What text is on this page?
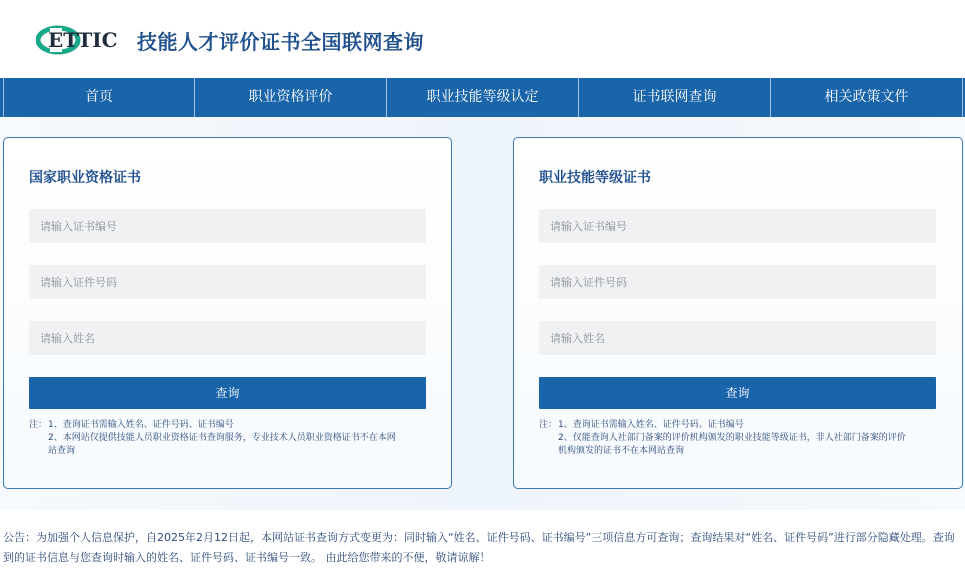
ETTIC 技能人才评价证书全国联网查询
首页	职业资格评价	职业技能等级认定	证书联网查询	相关政策文件
国家职业资格证书
请输入证书编号
请输入证件号码
请输入姓名
查询
注： 1、查询证书需输入姓名、证件号码、证书编号
2、本网站仅提供技能人员职业资格证书查询服务，专业技术人员职业资格证书不在本网
站查询
职业技能等级证书
请输入证书编号
请输入证件号码
请输入姓名
查询
注： 1、查询证书需输入姓名、证件号码、证书编号
2、仅能查询人社部门备案的评价机构颁发的职业技能等级证书，非人社部门备案的评价
机构颁发的证书不在本网站查询
公告：为加强个人信息保护，自2025年2月12日起，本网站证书查询方式变更为：同时输入“姓名、证件号码、证书编号”三项信息方可查询；查询结果对“姓名、证件号码”进行部分隐藏处理。查询到的证书信息与您查询时输入的姓名、证件号码、证书编号一致。 由此给您带来的不便，敬请谅解！
